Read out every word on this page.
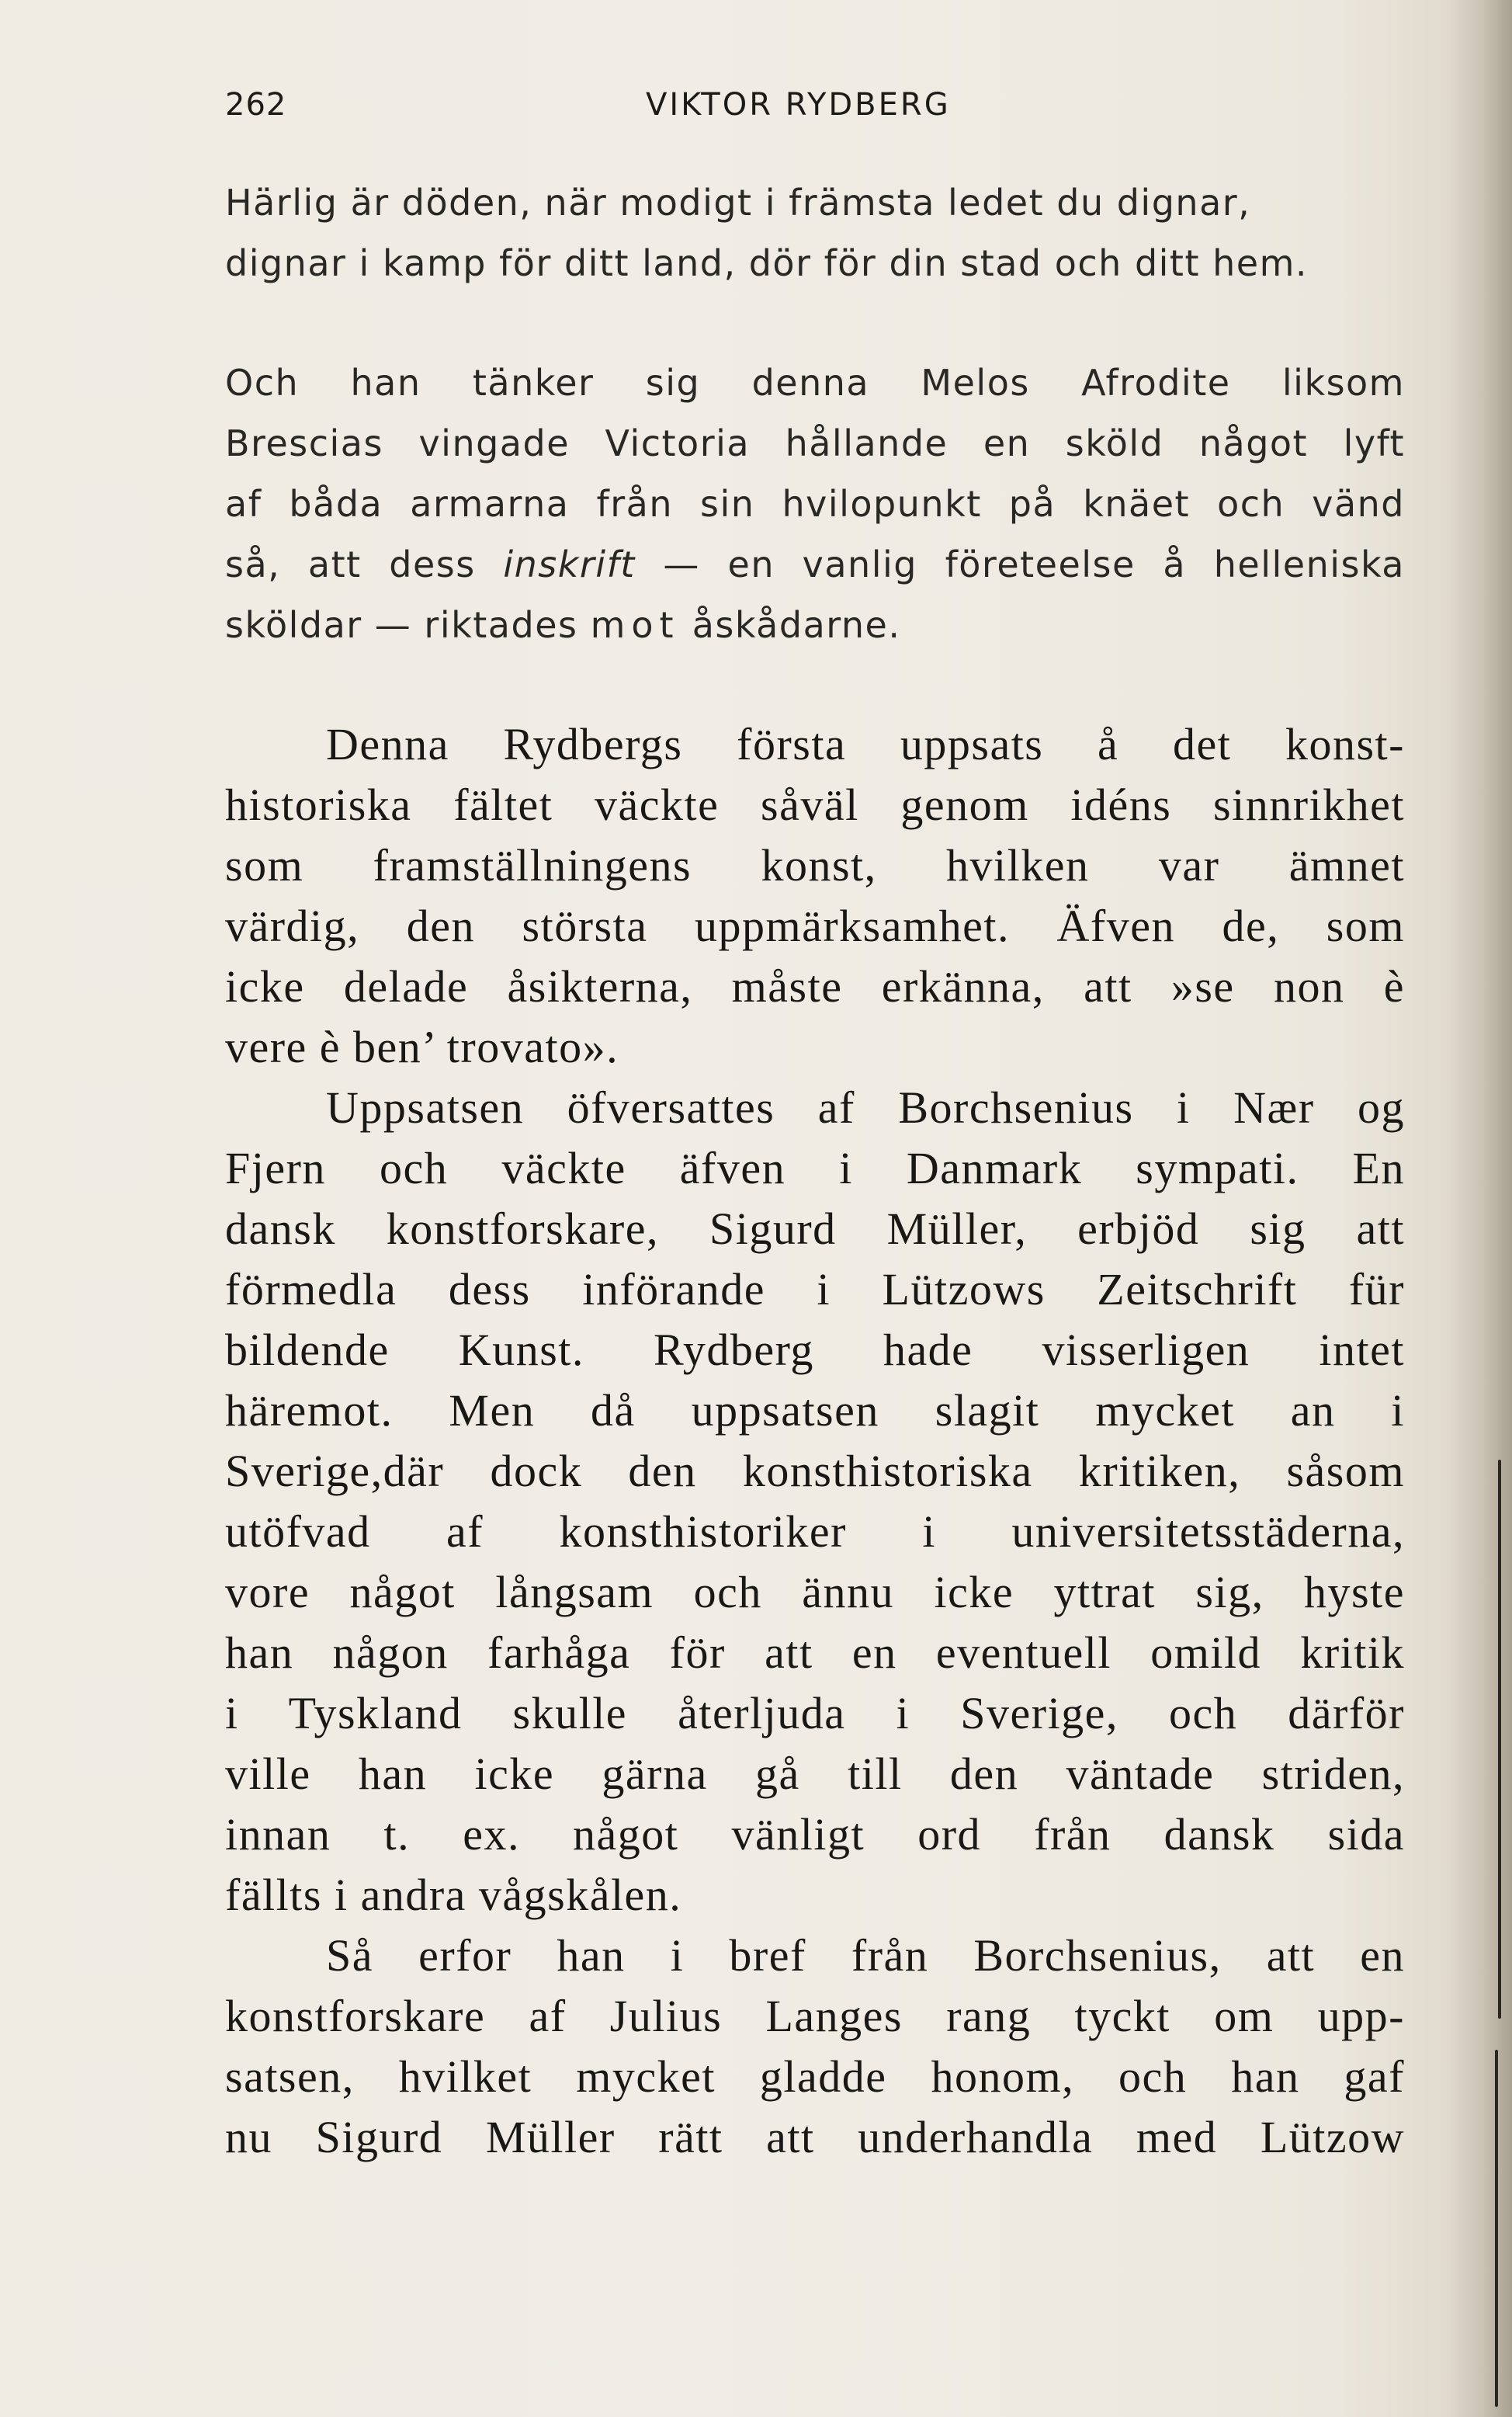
262	VIKTOR RYDBERG
Härlig är döden, när modigt i främsta ledet du dignar,
dignar i kamp för ditt land, dör för din stad och ditt hem.
Och han tänker sig denna Melos Afrodite liksom
Brescias vingade Victoria hållande en sköld något lyft
af båda armarna från sin hvilopunkt på knäet och vänd
så, att dess inskrift — en vanlig företeelse å helleniska
sköldar — riktades mot åskådarne.
Denna Rydbergs första uppsats å det konst-
historiska fältet väckte såväl genom idéns sinnrikhet
som framställningens konst, hvilken var ämnet
värdig, den största uppmärksamhet. Äfven de, som
icke delade åsikterna, måste erkänna, att »se non è
vere è ben’ trovato».
Uppsatsen öfversattes af Borchsenius i Nær og
Fjern och väckte äfven i Danmark sympati. En
dansk konstforskare, Sigurd Müller, erbjöd sig att
förmedla dess införande i Lützows Zeitschrift für
bildende Kunst. Rydberg hade visserligen intet
häremot. Men då uppsatsen slagit mycket an i
Sverige,där dock den konsthistoriska kritiken, såsom
utöfvad af konsthistoriker i universitetsstäderna,
vore något långsam och ännu icke yttrat sig, hyste
han någon farhåga för att en eventuell omild kritik
i Tyskland skulle återljuda i Sverige, och därför
ville han icke gärna gå till den väntade striden,
innan t. ex. något vänligt ord från dansk sida
fällts i andra vågskålen.
Så erfor han i bref från Borchsenius, att en
konstforskare af Julius Langes rang tyckt om upp-
satsen, hvilket mycket gladde honom, och han gaf
nu Sigurd Müller rätt att underhandla med Lützow
